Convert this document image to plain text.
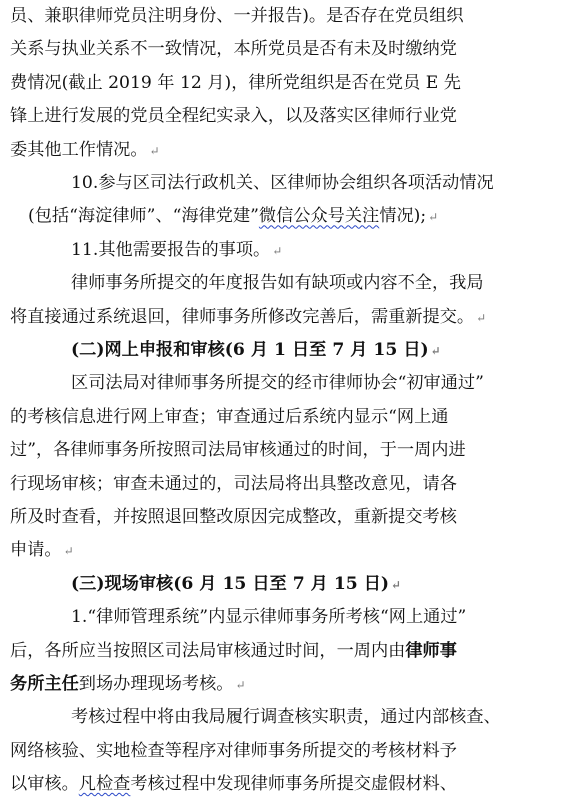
员、兼职律师党员注明身份、一并报告)。是否存在党员组织
关系与执业关系不一致情况，本所党员是否有未及时缴纳党
费情况(截止 2019 年 12 月)，律所党组织是否在党员 E 先
锋上进行发展的党员全程纪实录入，以及落实区律师行业党
委其他工作情况。 ↵
10.参与区司法行政机关、区律师协会组织各项活动情况
(包括“海淀律师”、“海律党建”微信公众号关注情况); ↵
11.其他需要报告的事项。 ↵
律师事务所提交的年度报告如有缺项或内容不全，我局
将直接通过系统退回，律师事务所修改完善后，需重新提交。 ↵
(二)网上申报和审核(6 月 1 日至 7 月 15 日) ↵
区司法局对律师事务所提交的经市律师协会“初审通过”
的考核信息进行网上审查；审查通过后系统内显示“网上通
过”，各律师事务所按照司法局审核通过的时间，于一周内进
行现场审核；审查未通过的，司法局将出具整改意见，请各
所及时查看，并按照退回整改原因完成整改，重新提交考核
申请。 ↵
(三)现场审核(6 月 15 日至 7 月 15 日) ↵
1.“律师管理系统”内显示律师事务所考核“网上通过”
后，各所应当按照区司法局审核通过时间，一周内由律师事
务所主任到场办理现场考核。 ↵
考核过程中将由我局履行调查核实职责，通过内部核查、
网络核验、实地检查等程序对律师事务所提交的考核材料予
以审核。凡检查考核过程中发现律师事务所提交虚假材料、
